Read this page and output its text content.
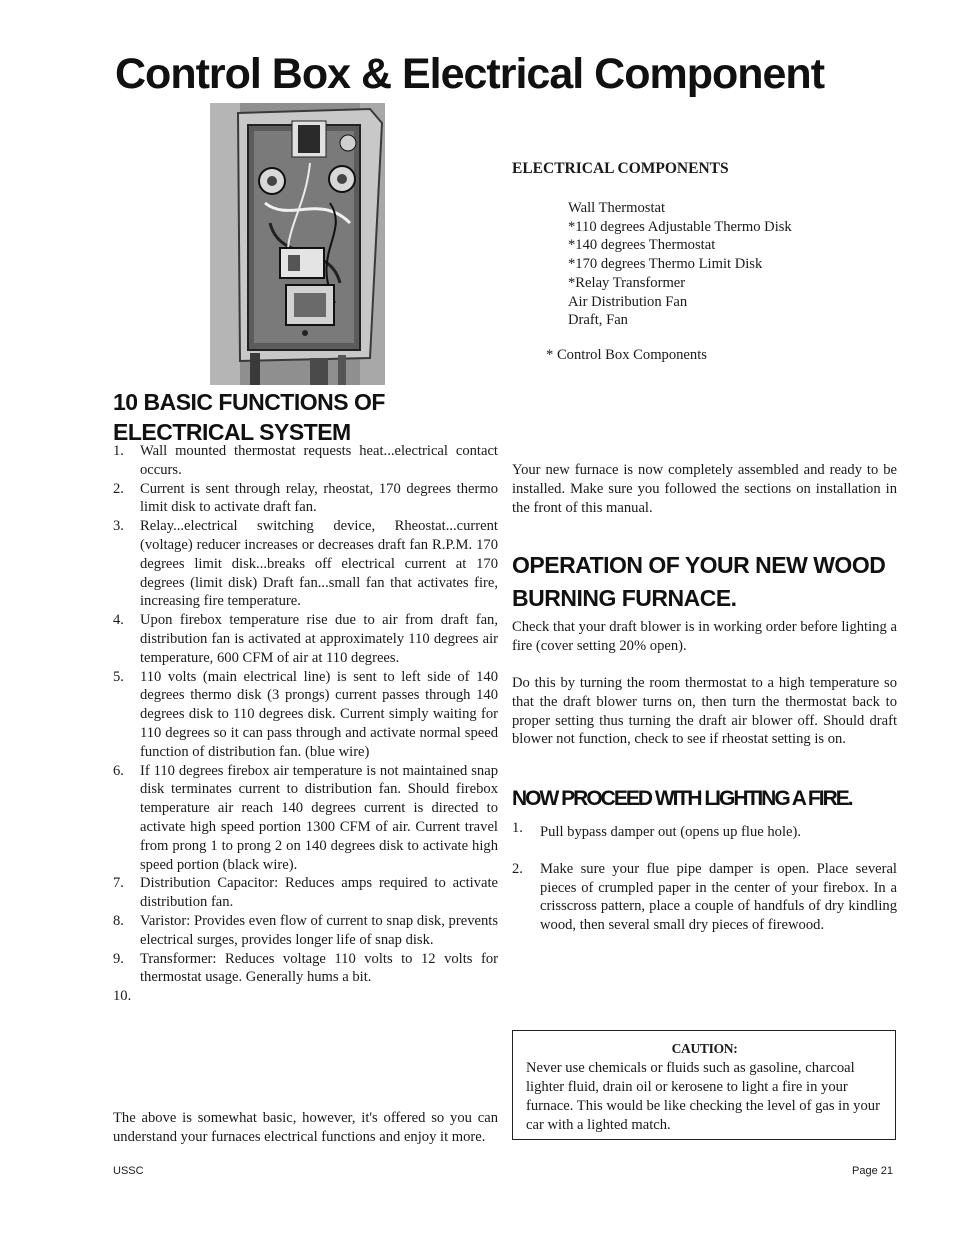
Control Box & Electrical Component
10 BASIC FUNCTIONS OF ELECTRICAL SYSTEM
1.	Wall mounted thermostat requests heat...electrical contact occurs.
2.	Current is sent through relay, rheostat, 170 degrees thermo limit disk to activate draft fan.
3.	Relay...electrical switching device, Rheostat...current (voltage) reducer increases or decreases draft fan R.P.M. 170 degrees limit disk...breaks off electrical current at 170 degrees (limit disk) Draft fan...small fan that activates fire, increasing fire temperature.
4.	Upon firebox temperature rise due to air from draft fan, distribution fan is activated at approximately 110 degrees air temperature, 600 CFM of air at 110 degrees.
5.	110 volts (main electrical line) is sent to left side of 140 degrees thermo disk (3 prongs) current passes through 140 degrees disk to 110 degrees disk. Current simply waiting for 110 degrees so it can pass through and activate normal speed function of distribution fan. (blue wire)
6.	If 110 degrees firebox air temperature is not maintained snap disk terminates current to distribution fan. Should firebox temperature air reach 140 degrees current is directed to activate high speed portion 1300 CFM of air. Current travel from prong 1 to prong 2 on 140 degrees disk to activate high speed portion (black wire).
7.	Distribution Capacitor: Reduces amps required to activate distribution fan.
8.	Varistor: Provides even flow of current to snap disk, prevents electrical surges, provides longer life of snap disk.
9.	Transformer: Reduces voltage 110 volts to 12 volts for thermostat usage. Generally hums a bit.
10.
The above is somewhat basic, however, it's offered so you can understand your furnaces electrical functions and enjoy it more.
ELECTRICAL COMPONENTS
Wall Thermostat
*110 degrees Adjustable Thermo Disk
*140 degrees Thermostat
*170 degrees Thermo Limit Disk
*Relay Transformer
Air Distribution Fan
Draft, Fan
* Control Box Components

Your new furnace is now completely assembled and ready to be installed. Make sure you followed the sections on installation in the front of this manual.

OPERATION OF YOUR NEW WOOD BURNING FURNACE.

Check that your draft blower is in working order before lighting a fire (cover setting 20% open).

Do this by turning the room thermostat to a high temperature so that the draft blower turns on, then turn the thermostat back to proper setting thus turning the draft air blower off. Should draft blower not function, check to see if rheostat setting is on.

NOW PROCEED WITH LIGHTING A FIRE.
1. Pull bypass damper out (opens up flue hole).
2. Make sure your flue pipe damper is open. Place several pieces of crumpled paper in the center of your firebox. In a crisscross pattern, place a couple of handfuls of dry kindling wood, then several small dry pieces of firewood.
CAUTION:
Never use chemicals or fluids such as gasoline, charcoal lighter fluid, drain oil or kerosene to light a fire in your furnace. This would be like checking the level of gas in your car with a lighted match.
USSC	Page 21
